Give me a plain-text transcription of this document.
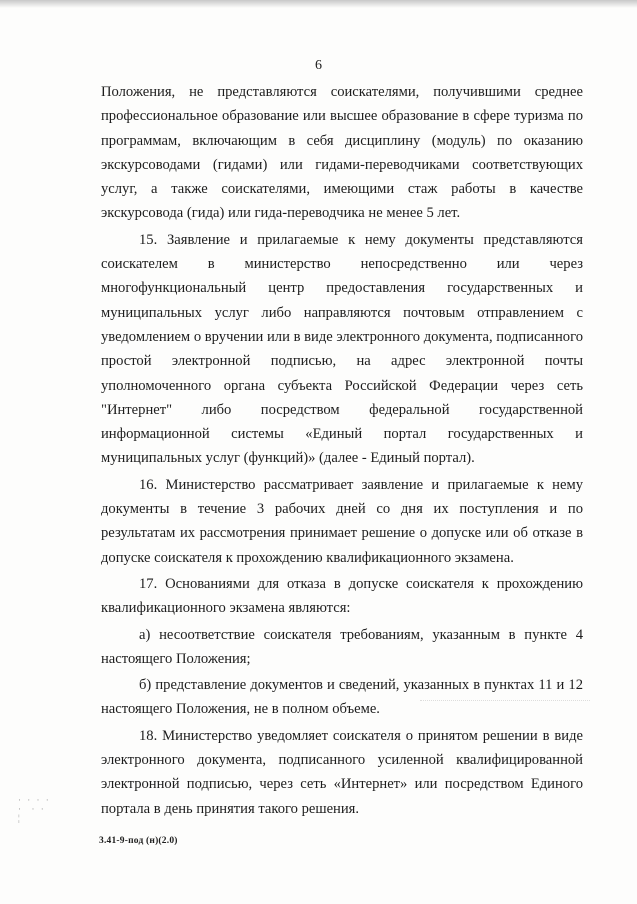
6

Положения, не представляются соискателями, получившими среднее профессиональное образование или высшее образование в сфере туризма по программам, включающим в себя дисциплину (модуль) по оказанию экскурсоводами (гидами) или гидами-переводчиками соответствующих услуг, а также соискателями, имеющими стаж работы в качестве экскурсовода (гида) или гида-переводчика не менее 5 лет.

15. Заявление и прилагаемые к нему документы представляются соискателем в министерство непосредственно или через многофункциональный центр предоставления государственных и муниципальных услуг либо направляются почтовым отправлением с уведомлением о вручении или в виде электронного документа, подписанного простой электронной подписью, на адрес электронной почты уполномоченного органа субъекта Российской Федерации через сеть "Интернет" либо посредством федеральной государственной информационной системы «Единый портал государственных и муниципальных услуг (функций)» (далее - Единый портал).

16. Министерство рассматривает заявление и прилагаемые к нему документы в течение 3 рабочих дней со дня их поступления и по результатам их рассмотрения принимает решение о допуске или об отказе в допуске соискателя к прохождению квалификационного экзамена.

17. Основаниями для отказа в допуске соискателя к прохождению квалификационного экзамена являются:

а) несоответствие соискателя требованиям, указанным в пункте 4 настоящего Положения;

б) представление документов и сведений, указанных в пунктах 11 и 12 настоящего Положения, не в полном объеме.

18. Министерство уведомляет соискателя о принятом решении в виде электронного документа, подписанного усиленной квалифицированной электронной подписью, через сеть «Интернет» или посредством Единого портала в день принятия такого решения.

· · · ·
·  · ·
¦
3.41-9-под (н)(2.0)
